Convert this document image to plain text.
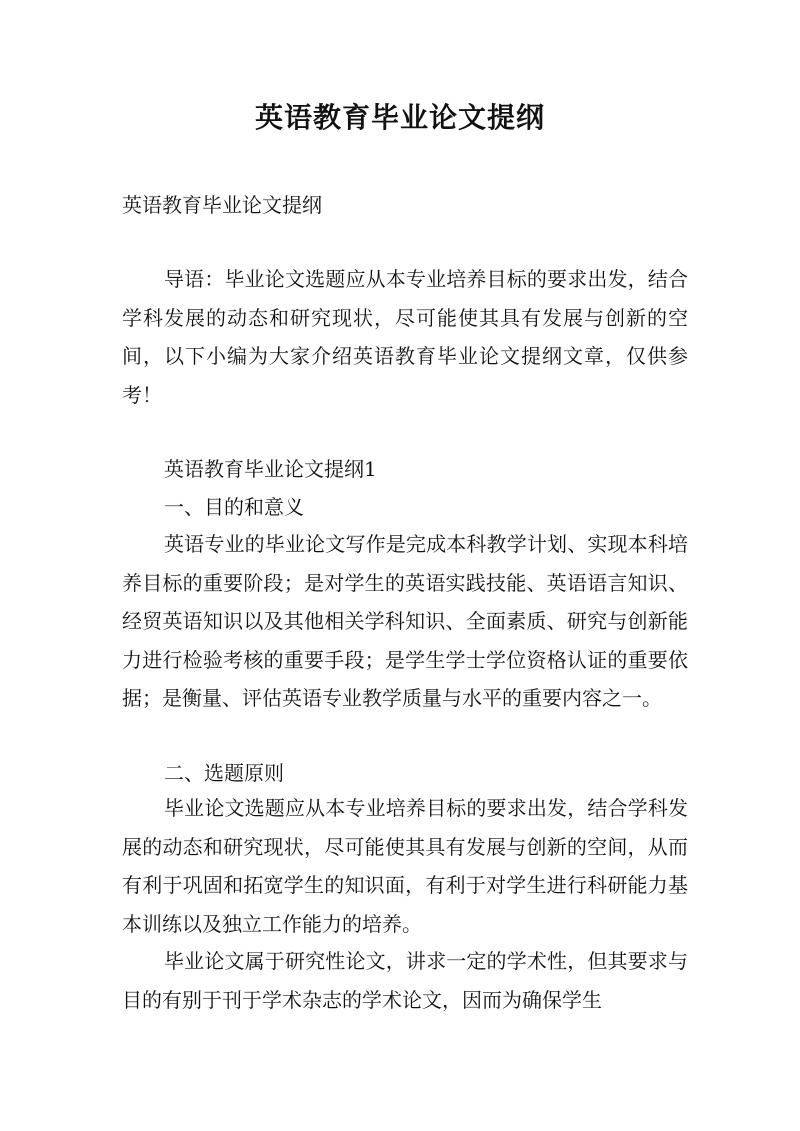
英语教育毕业论文提纲
英语教育毕业论文提纲

导语：毕业论文选题应从本专业培养目标的要求出发，结合学科发展的动态和研究现状，尽可能使其具有发展与创新的空间，以下小编为大家介绍英语教育毕业论文提纲文章，仅供参考！

英语教育毕业论文提纲1
一、目的和意义

英语专业的毕业论文写作是完成本科教学计划、实现本科培养目标的重要阶段；是对学生的英语实践技能、英语语言知识、经贸英语知识以及其他相关学科知识、全面素质、研究与创新能力进行检验考核的重要手段；是学生学士学位资格认证的重要依据；是衡量、评估英语专业教学质量与水平的重要内容之一。

二、选题原则

毕业论文选题应从本专业培养目标的要求出发，结合学科发展的动态和研究现状，尽可能使其具有发展与创新的空间，从而有利于巩固和拓宽学生的知识面，有利于对学生进行科研能力基本训练以及独立工作能力的培养。

毕业论文属于研究性论文，讲求一定的学术性，但其要求与目的有别于刊于学术杂志的学术论文，因而为确保学生
